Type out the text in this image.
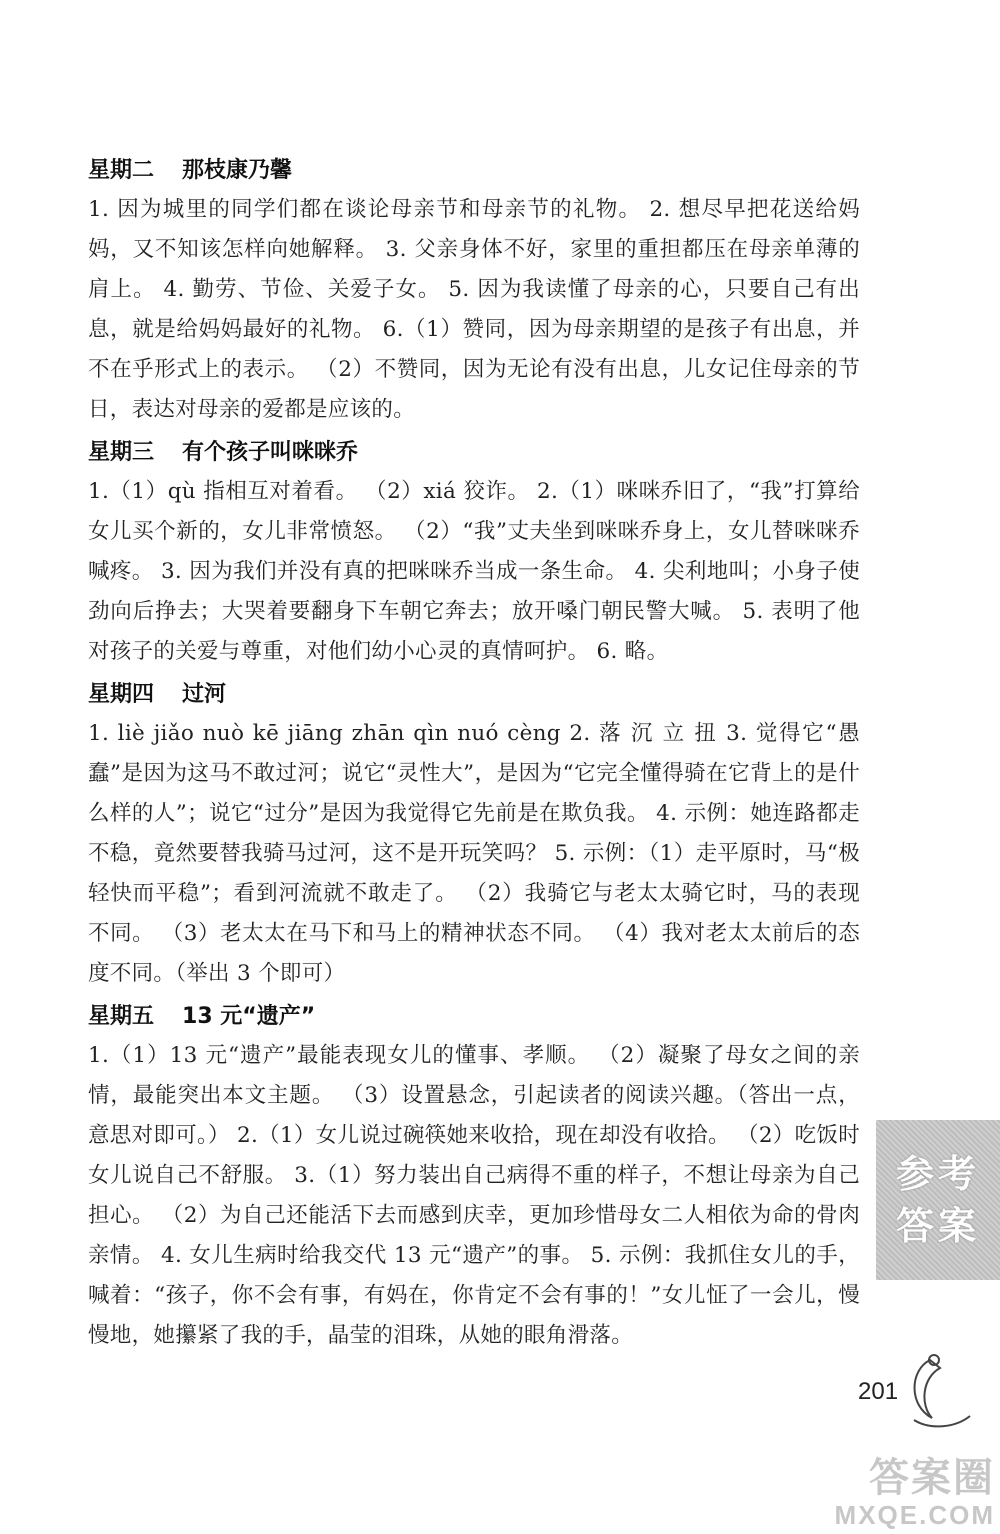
星期二 那枝康乃馨
1. 因为城里的同学们都在谈论母亲节和母亲节的礼物。 2. 想尽早把花送给妈妈，又不知该怎样向她解释。 3. 父亲身体不好，家里的重担都压在母亲单薄的肩上。 4. 勤劳、节俭、关爱子女。 5. 因为我读懂了母亲的心，只要自己有出息，就是给妈妈最好的礼物。 6.（1）赞同，因为母亲期望的是孩子有出息，并不在乎形式上的表示。 （2）不赞同，因为无论有没有出息，儿女记住母亲的节日，表达对母亲的爱都是应该的。
星期三 有个孩子叫咪咪乔
1.（1）qù 指相互对着看。 （2）xiá 狡诈。 2.（1）咪咪乔旧了，“我”打算给女儿买个新的，女儿非常愤怒。 （2）“我”丈夫坐到咪咪乔身上，女儿替咪咪乔喊疼。 3. 因为我们并没有真的把咪咪乔当成一条生命。 4. 尖利地叫；小身子使劲向后挣去；大哭着要翻身下车朝它奔去；放开嗓门朝民警大喊。 5. 表明了他对孩子的关爱与尊重，对他们幼小心灵的真情呵护。 6. 略。
星期四 过河
1. liè jiǎo nuò kē jiāng zhān qìn nuó cèng 2. 落 沉 立 扭 3. 觉得它“愚蠢”是因为这马不敢过河；说它“灵性大”，是因为“它完全懂得骑在它背上的是什么样的人”；说它“过分”是因为我觉得它先前是在欺负我。 4. 示例：她连路都走不稳，竟然要替我骑马过河，这不是开玩笑吗？ 5. 示例：（1）走平原时，马“极轻快而平稳”；看到河流就不敢走了。 （2）我骑它与老太太骑它时，马的表现不同。 （3）老太太在马下和马上的精神状态不同。 （4）我对老太太前后的态度不同。（举出 3 个即可）
星期五 13 元“遗产”
1.（1）13 元“遗产”最能表现女儿的懂事、孝顺。 （2）凝聚了母女之间的亲情，最能突出本文主题。 （3）设置悬念，引起读者的阅读兴趣。（答出一点，意思对即可。） 2.（1）女儿说过碗筷她来收拾，现在却没有收拾。 （2）吃饭时女儿说自己不舒服。 3.（1）努力装出自己病得不重的样子，不想让母亲为自己担心。 （2）为自己还能活下去而感到庆幸，更加珍惜母女二人相依为命的骨肉亲情。 4. 女儿生病时给我交代 13 元“遗产”的事。 5. 示例：我抓住女儿的手，喊着：“孩子，你不会有事，有妈在，你肯定不会有事的！”女儿怔了一会儿，慢慢地，她攥紧了我的手，晶莹的泪珠，从她的眼角滑落。
参考
答案
201
答案圈
MXQE.COM
